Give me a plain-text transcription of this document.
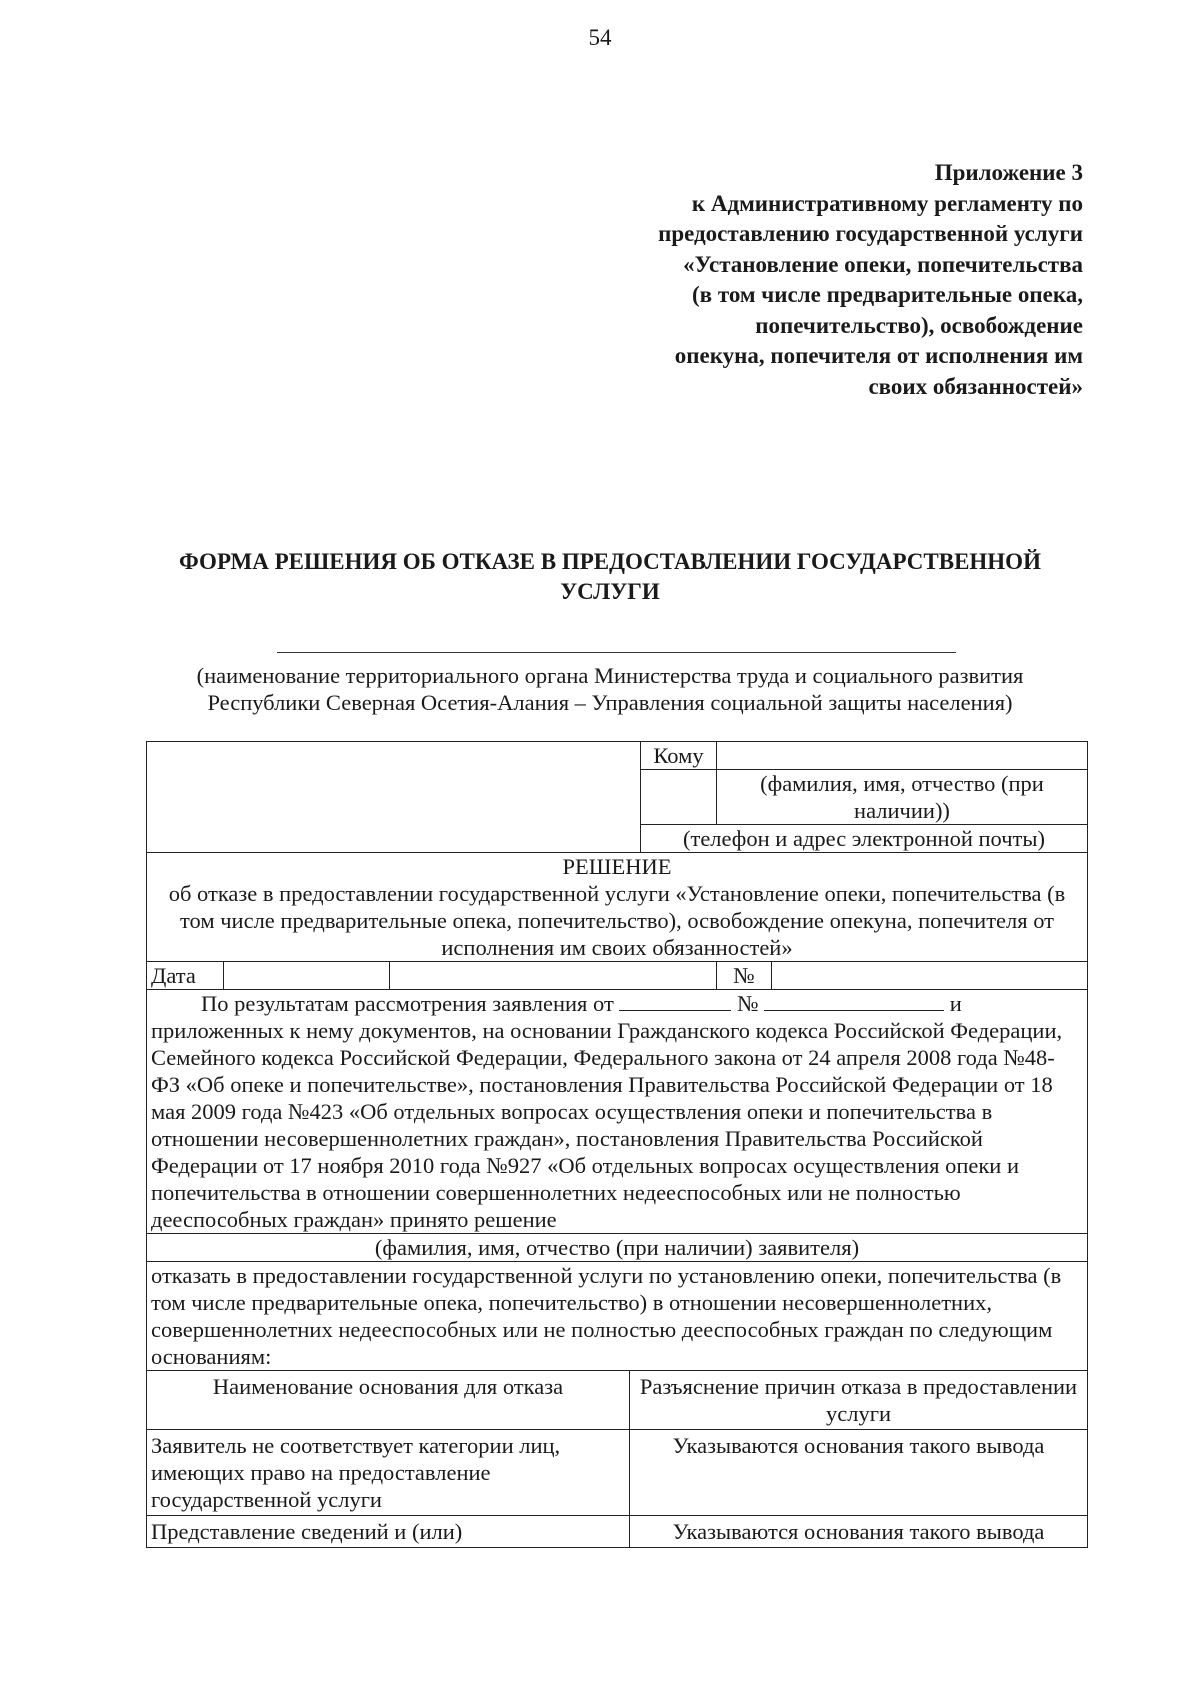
54
Приложение 3
к Административному регламенту по
предоставлению государственной услуги
«Установление опеки, попечительства
(в том числе предварительные опека,
попечительство), освобождение
опекуна, попечителя от исполнения им
своих обязанностей»
ФОРМА РЕШЕНИЯ ОБ ОТКАЗЕ В ПРЕДОСТАВЛЕНИИ ГОСУДАРСТВЕННОЙ УСЛУГИ
(наименование территориального органа Министерства труда и социального развития Республики Северная Осетия-Алания – Управления социальной защиты населения)
				Кому		
					(фамилия, имя, отчество (при наличии))	
				(телефон и адрес электронной почты)		

РЕШЕНИЕ
об отказе в предоставлении государственной услуги «Установление опеки, попечительства (в том числе предварительные опека, попечительство), освобождение опекуна, попечителя от исполнения им своих обязанностей»						

Дата					№	

По результатам рассмотрения заявления от № и
приложенных к нему документов, на основании Гражданского кодекса Российской Федерации, Семейного кодекса Российской Федерации, Федерального закона от 24 апреля 2008 года №48-ФЗ «Об опеке и попечительстве», постановления Правительства Российской Федерации от 18 мая 2009 года №423 «Об отдельных вопросах осуществления опеки и попечительства в отношении несовершеннолетних граждан», постановления Правительства Российской Федерации от 17 ноября 2010 года №927 «Об отдельных вопросах осуществления опеки и попечительства в отношении совершеннолетних недееспособных или не полностью дееспособных граждан» принято решение						

(фамилия, имя, отчество (при наличии) заявителя)						
отказать в предоставлении государственной услуги по установлению опеки, попечительства (в том числе предварительные опека, попечительство) в отношении несовершеннолетних, совершеннолетних недееспособных или не полностью дееспособных граждан по следующим основаниям:						
Наименование основания для отказа			Разъяснение причин отказа в предоставлении услуги			
Заявитель не соответствует категории лиц, имеющих право на предоставление государственной услуги			Указываются основания такого вывода			
Представление сведений и (или)			Указываются основания такого вывода			
